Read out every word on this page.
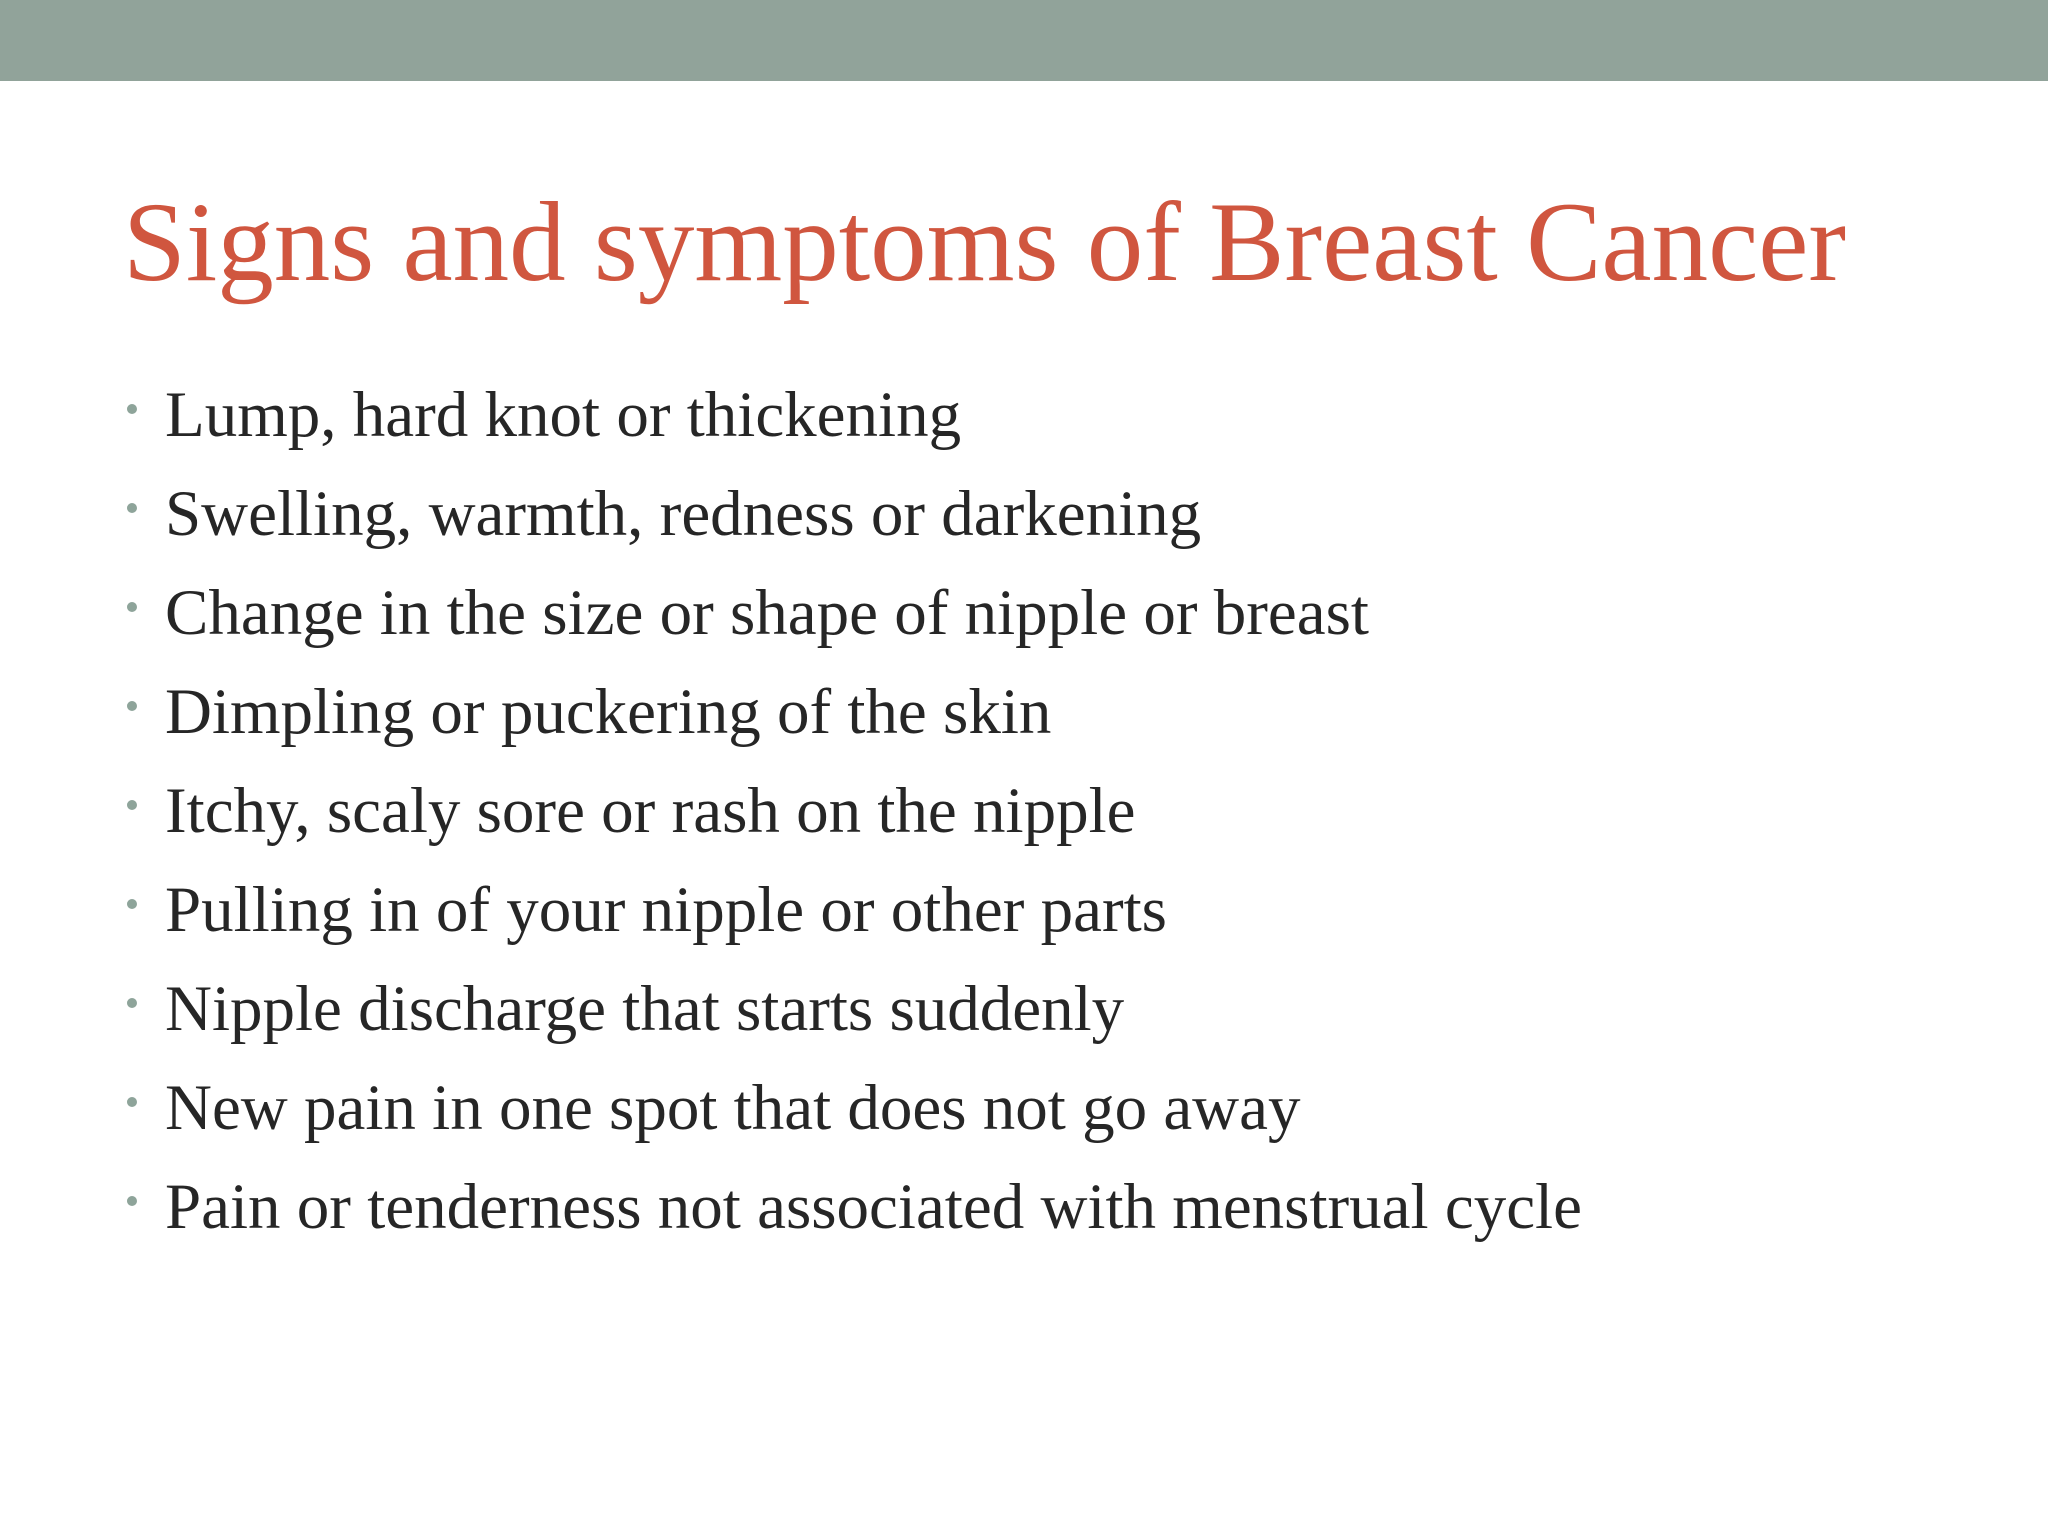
Signs and symptoms of Breast Cancer
Lump, hard knot or thickening
Swelling, warmth, redness or darkening
Change in the size or shape of nipple or breast
Dimpling or puckering of the skin
Itchy, scaly sore or rash on the nipple
Pulling in of your nipple or other parts
Nipple discharge that starts suddenly
New pain in one spot that does not go away
Pain or tenderness not associated with menstrual cycle
